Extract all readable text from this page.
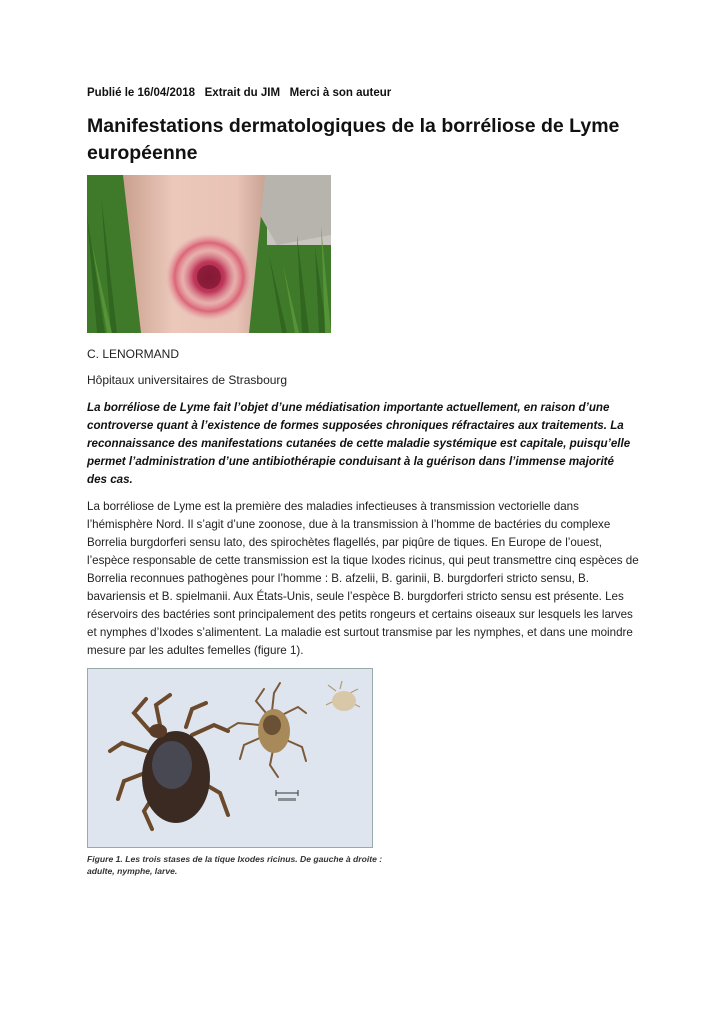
Publié le 16/04/2018 Extrait du JIM Merci à son auteur
Manifestations dermatologiques de la borréliose de Lyme européenne
C. LENORMAND
Hôpitaux universitaires de Strasbourg

La borréliose de Lyme fait l’objet d’une médiatisation importante actuellement, en raison d’une controverse quant à l’existence de formes supposées chroniques réfractaires aux traitements. La reconnaissance des manifestations cutanées de cette maladie systémique est capitale, puisqu’elle permet l’administration d’une antibiothérapie conduisant à la guérison dans l’immense majorité des cas.

La borréliose de Lyme est la première des maladies infectieuses à transmission vectorielle dans l’hémisphère Nord. Il s’agit d’une zoonose, due à la transmission à l’homme de bactéries du complexe Borrelia burgdorferi sensu lato, des spirochètes flagellés, par piqûre de tiques. En Europe de l’ouest, l’espèce responsable de cette transmission est la tique Ixodes ricinus, qui peut transmettre cinq espèces de Borrelia reconnues pathogènes pour l’homme : B. afzelii, B. garinii, B. burgdorferi stricto sensu, B. bavariensis et B. spielmanii. Aux États-Unis, seule l’espèce B. burgdorferi stricto sensu est présente. Les réservoirs des bactéries sont principalement des petits rongeurs et certains oiseaux sur lesquels les larves et nymphes d’Ixodes s’alimentent. La maladie est surtout transmise par les nymphes, et dans une moindre mesure par les adultes femelles (figure 1).

Figure 1. Les trois stases de la tique Ixodes ricinus. De gauche à droite : adulte, nymphe, larve.
